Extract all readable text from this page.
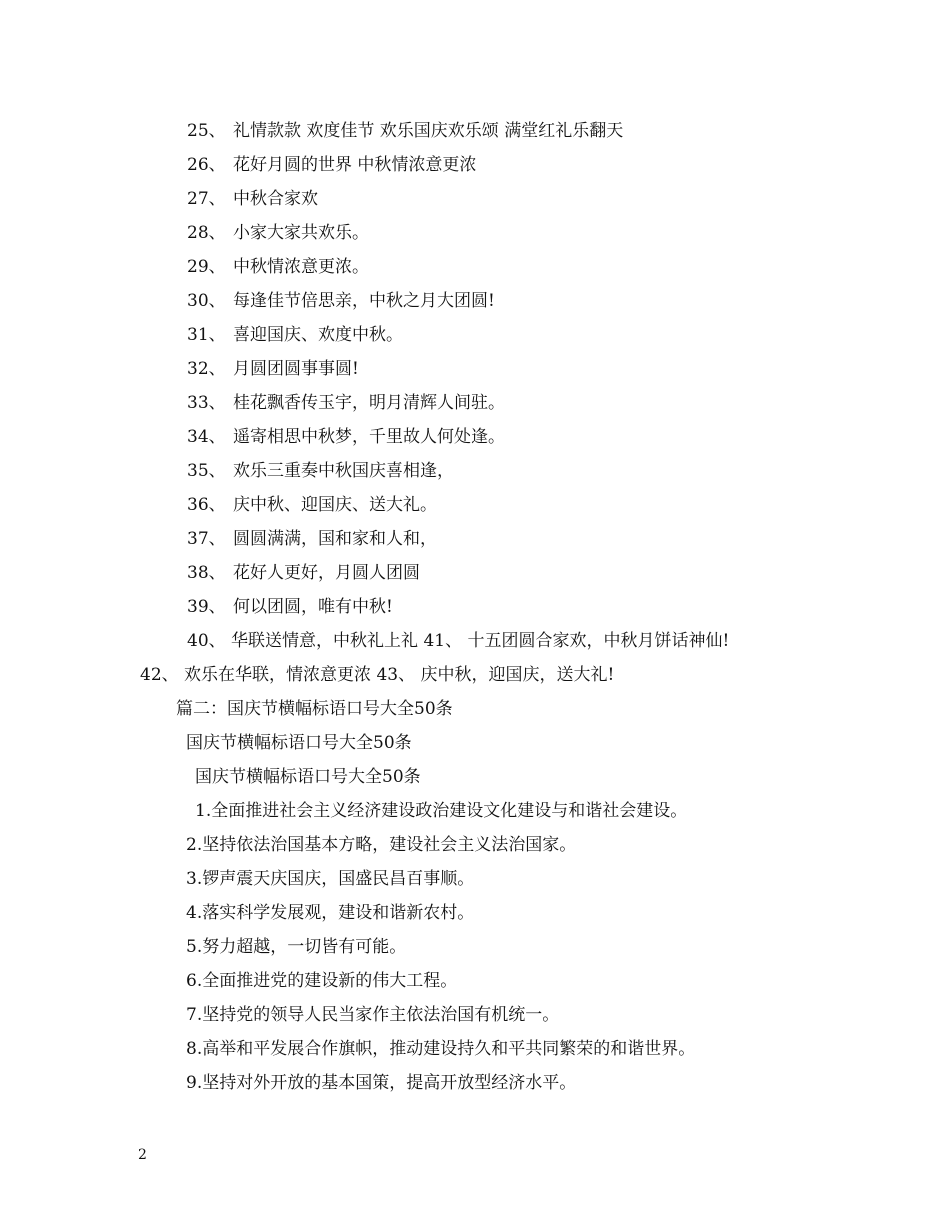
25、 礼情款款 欢度佳节 欢乐国庆欢乐颂 满堂红礼乐翻天
26、 花好月圆的世界 中秋情浓意更浓
27、 中秋合家欢
28、 小家大家共欢乐。
29、 中秋情浓意更浓。
30、 每逢佳节倍思亲，中秋之月大团圆!
31、 喜迎国庆、欢度中秋。
32、 月圆团圆事事圆!
33、 桂花飘香传玉宇，明月清辉人间驻。
34、 遥寄相思中秋梦，千里故人何处逢。
35、 欢乐三重奏中秋国庆喜相逢，
36、 庆中秋、迎国庆、送大礼。
37、 圆圆满满，国和家和人和，
38、 花好人更好，月圆人团圆
39、 何以团圆，唯有中秋!
40、 华联送情意，中秋礼上礼 41、 十五团圆合家欢，中秋月饼话神仙!
42、 欢乐在华联，情浓意更浓 43、 庆中秋，迎国庆，送大礼!
篇二：国庆节横幅标语口号大全50条
国庆节横幅标语口号大全50条
国庆节横幅标语口号大全50条
1.全面推进社会主义经济建设政治建设文化建设与和谐社会建设。
2.坚持依法治国基本方略，建设社会主义法治国家。
3.锣声震天庆国庆，国盛民昌百事顺。
4.落实科学发展观，建设和谐新农村。
5.努力超越，一切皆有可能。
6.全面推进党的建设新的伟大工程。
7.坚持党的领导人民当家作主依法治国有机统一。
8.高举和平发展合作旗帜，推动建设持久和平共同繁荣的和谐世界。
9.坚持对外开放的基本国策，提高开放型经济水平。
2
